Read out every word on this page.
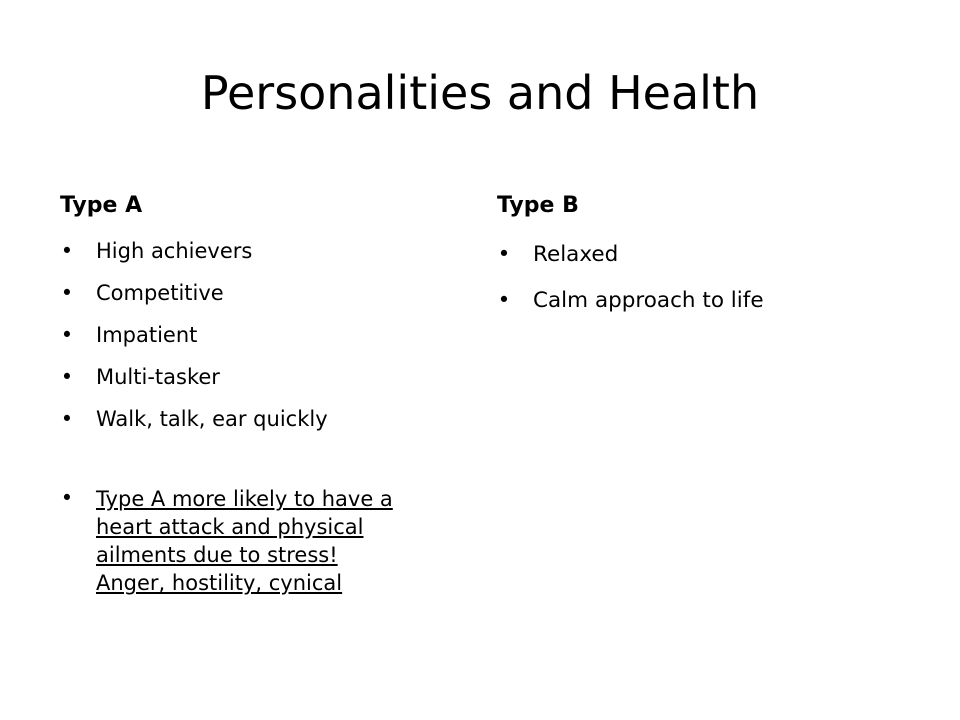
Personalities and Health
Type A
•
High achievers
•
Competitive
•
Impatient
•
Multi-tasker
•
Walk, talk, ear quickly
•
Type A more likely to have a
heart attack and physical
ailments due to stress!
Anger, hostility, cynical
Type B
•
Relaxed
•
Calm approach to life
